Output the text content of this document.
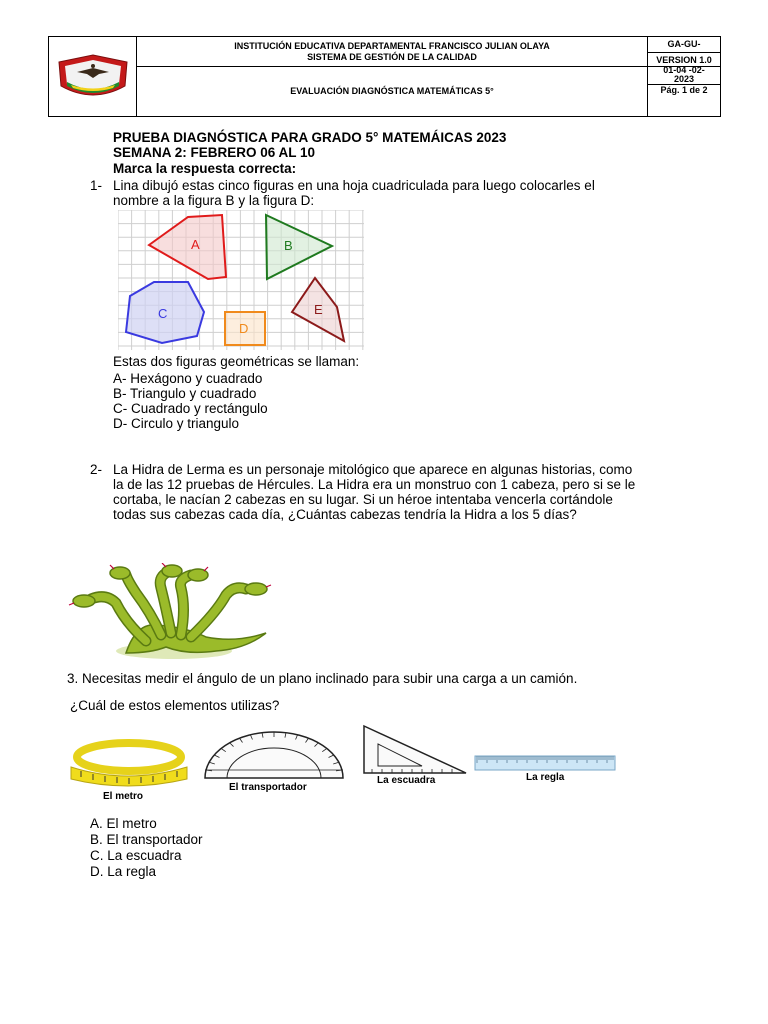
INSTITUCIÓN EDUCATIVA DEPARTAMENTAL FRANCISCO JULIAN OLAYA
SISTEMA DE GESTIÓN DE LA CALIDAD
EVALUACIÓN DIAGNÓSTICA MATEMÁTICAS 5°
GA-GU-
VERSION 1.0
01-04 -02-
2023
Pág. 1 de 2
PRUEBA DIAGNÓSTICA PARA GRADO 5° MATEMÁICAS 2023
SEMANA 2: FEBRERO 06 AL 10
Marca la respuesta correcta:
1- Lina dibujó estas cinco figuras en una hoja cuadriculada para luego colocarles el
nombre a la figura B y la figura D:
A	B
C
D
E
Estas dos figuras geométricas se llaman:
A- Hexágono y cuadrado
B- Triangulo y cuadrado
C- Cuadrado y rectángulo
D- Circulo y triangulo
2- La Hidra de Lerma es un personaje mitológico que aparece en algunas historias, como
la de las 12 pruebas de Hércules. La Hidra era un monstruo con 1 cabeza, pero si se le
cortaba, le nacían 2 cabezas en su lugar. Si un héroe intentaba vencerla cortándole
todas sus cabezas cada día, ¿Cuántas cabezas tendría la Hidra a los 5 días?
3. Necesitas medir el ángulo de un plano inclinado para subir una carga a un camión.
¿Cuál de estos elementos utilizas?
El metro
El transportador
La escuadra	La regla
A. El metro
B. El transportador
C. La escuadra
D. La regla
